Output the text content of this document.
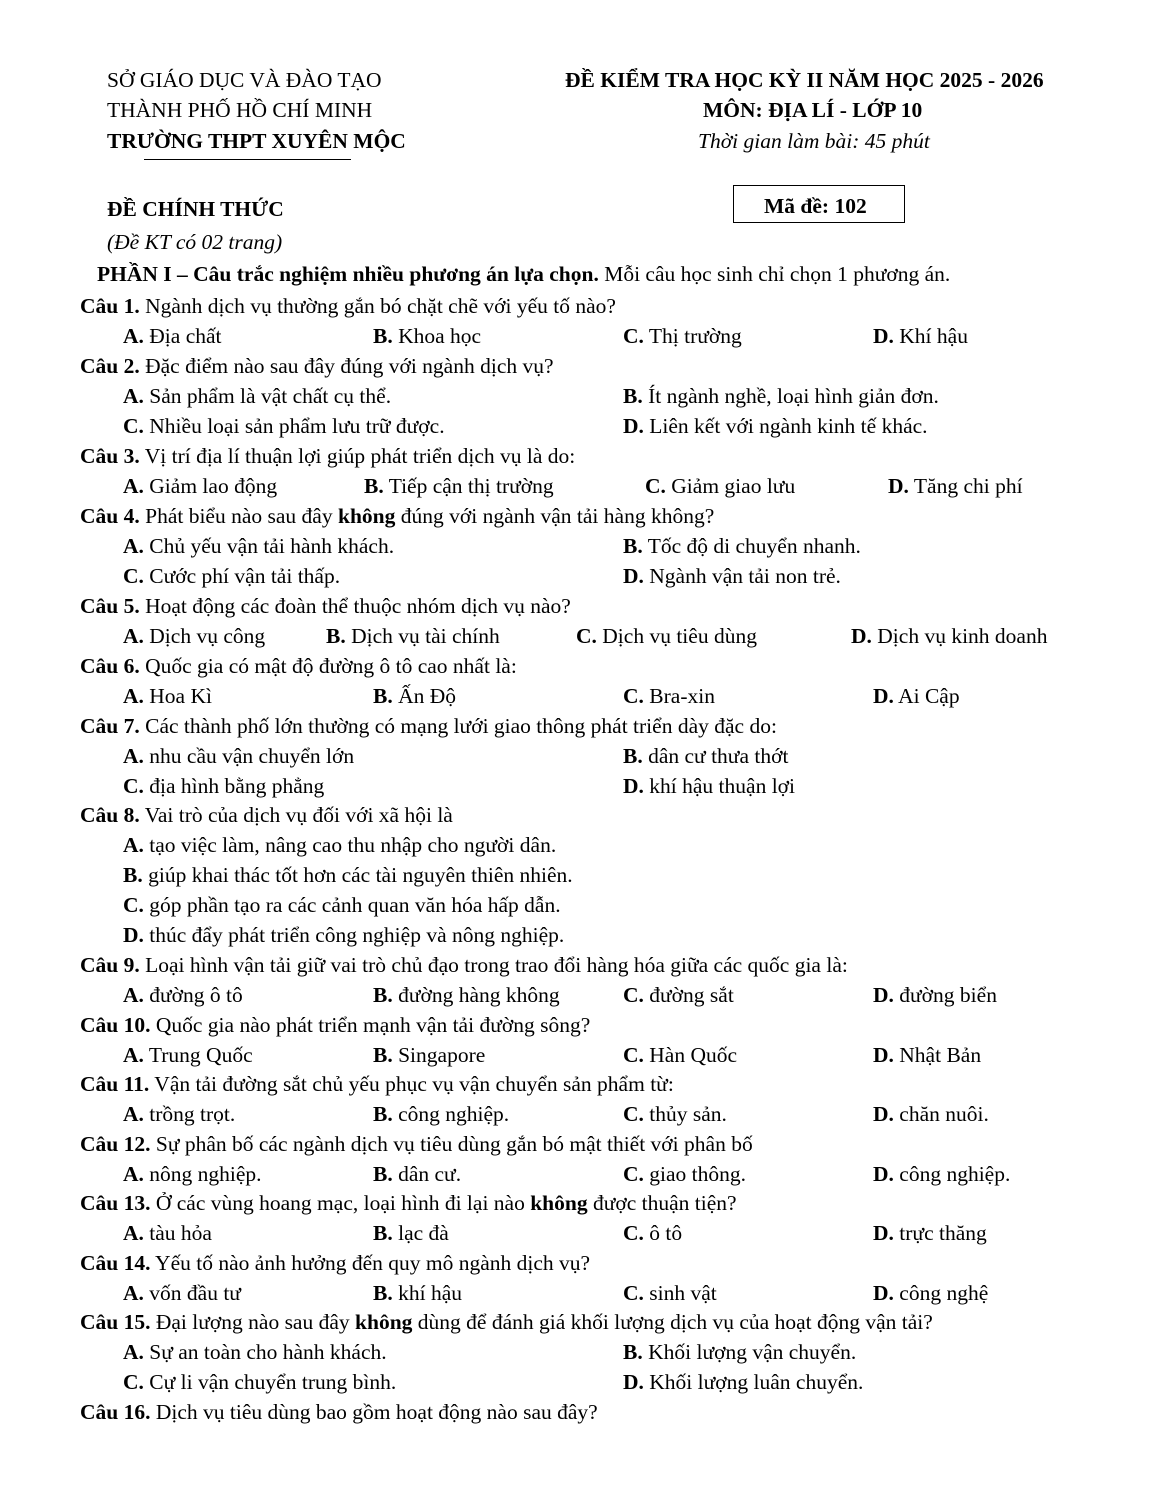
SỞ GIÁO DỤC VÀ ĐÀO TẠO
THÀNH PHỐ HỒ CHÍ MINH
TRƯỜNG THPT XUYÊN MỘC
ĐỀ KIỂM TRA HỌC KỲ II NĂM HỌC 2025 - 2026
MÔN: ĐỊA LÍ - LỚP 10
Thời gian làm bài: 45 phút
ĐỀ CHÍNH THỨC
(Đề KT có 02 trang)
Mã đề: 102
PHẦN I – Câu trắc nghiệm nhiều phương án lựa chọn. Mỗi câu học sinh chỉ chọn 1 phương án.
Câu 1. Ngành dịch vụ thường gắn bó chặt chẽ với yếu tố nào?
A. Địa chất	B. Khoa học	C. Thị trường	D. Khí hậu
Câu 2. Đặc điểm nào sau đây đúng với ngành dịch vụ?
A. Sản phẩm là vật chất cụ thể.	B. Ít ngành nghề, loại hình giản đơn.
C. Nhiều loại sản phẩm lưu trữ được.	D. Liên kết với ngành kinh tế khác.
Câu 3. Vị trí địa lí thuận lợi giúp phát triển dịch vụ là do:
A. Giảm lao động	B. Tiếp cận thị trường	C. Giảm giao lưu	D. Tăng chi phí
Câu 4. Phát biểu nào sau đây không đúng với ngành vận tải hàng không?
A. Chủ yếu vận tải hành khách.	B. Tốc độ di chuyển nhanh.
C. Cước phí vận tải thấp.	D. Ngành vận tải non trẻ.
Câu 5. Hoạt động các đoàn thể thuộc nhóm dịch vụ nào?
A. Dịch vụ công	B. Dịch vụ tài chính	C. Dịch vụ tiêu dùng	D. Dịch vụ kinh doanh
Câu 6. Quốc gia có mật độ đường ô tô cao nhất là:
A. Hoa Kì	B. Ấn Độ	C. Bra-xin	D. Ai Cập
Câu 7. Các thành phố lớn thường có mạng lưới giao thông phát triển dày đặc do:
A. nhu cầu vận chuyển lớn	B. dân cư thưa thớt
C. địa hình bằng phẳng	D. khí hậu thuận lợi
Câu 8. Vai trò của dịch vụ đối với xã hội là
A. tạo việc làm, nâng cao thu nhập cho người dân.
B. giúp khai thác tốt hơn các tài nguyên thiên nhiên.
C. góp phần tạo ra các cảnh quan văn hóa hấp dẫn.
D. thúc đẩy phát triển công nghiệp và nông nghiệp.
Câu 9. Loại hình vận tải giữ vai trò chủ đạo trong trao đổi hàng hóa giữa các quốc gia là:
A. đường ô tô	B. đường hàng không	C. đường sắt	D. đường biển
Câu 10. Quốc gia nào phát triển mạnh vận tải đường sông?
A. Trung Quốc	B. Singapore	C. Hàn Quốc	D. Nhật Bản
Câu 11. Vận tải đường sắt chủ yếu phục vụ vận chuyển sản phẩm từ:
A. trồng trọt.	B. công nghiệp.	C. thủy sản.	D. chăn nuôi.
Câu 12. Sự phân bố các ngành dịch vụ tiêu dùng gắn bó mật thiết với phân bố
A. nông nghiệp.	B. dân cư.	C. giao thông.	D. công nghiệp.
Câu 13. Ở các vùng hoang mạc, loại hình đi lại nào không được thuận tiện?
A. tàu hỏa	B. lạc đà	C. ô tô	D. trực thăng
Câu 14. Yếu tố nào ảnh hưởng đến quy mô ngành dịch vụ?
A. vốn đầu tư	B. khí hậu	C. sinh vật	D. công nghệ
Câu 15. Đại lượng nào sau đây không dùng để đánh giá khối lượng dịch vụ của hoạt động vận tải?
A. Sự an toàn cho hành khách.	B. Khối lượng vận chuyển.
C. Cự li vận chuyển trung bình.	D. Khối lượng luân chuyển.
Câu 16. Dịch vụ tiêu dùng bao gồm hoạt động nào sau đây?
